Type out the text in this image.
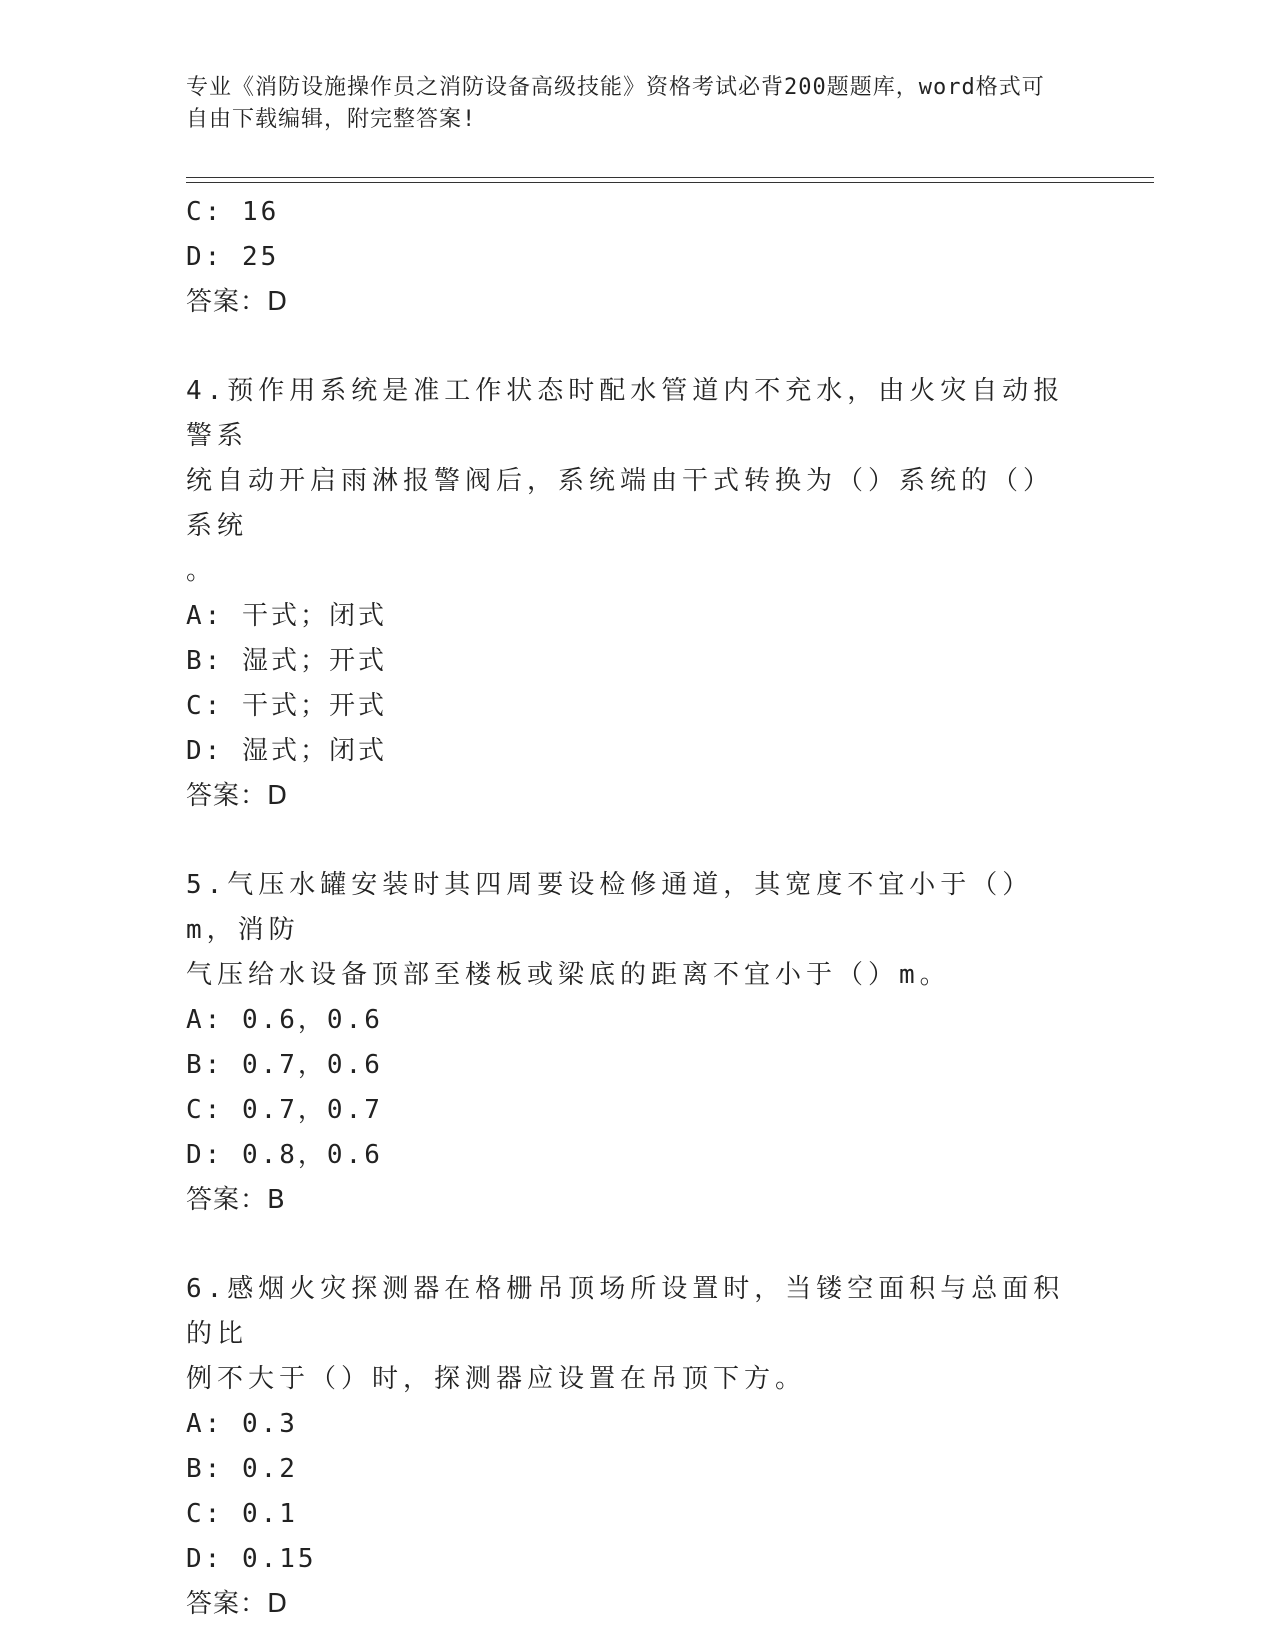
专业《消防设施操作员之消防设备高级技能》资格考试必背200题题库，word格式可自由下载编辑，附完整答案!
C: 16
D: 25
答案：D
4.预作用系统是准工作状态时配水管道内不充水，由火灾自动报警系
统自动开启雨淋报警阀后，系统端由干式转换为（）系统的（）系统
。
A: 干式；闭式
B: 湿式；开式
C: 干式；开式
D: 湿式；闭式
答案：D
5.气压水罐安装时其四周要设检修通道，其宽度不宜小于（）m，消防
气压给水设备顶部至楼板或梁底的距离不宜小于（）m。
A: 0.6，0.6
B: 0.7，0.6
C: 0.7，0.7
D: 0.8，0.6
答案：B
6.感烟火灾探测器在格栅吊顶场所设置时，当镂空面积与总面积的比
例不大于（）时，探测器应设置在吊顶下方。
A: 0.3
B: 0.2
C: 0.1
D: 0.15
答案：D
